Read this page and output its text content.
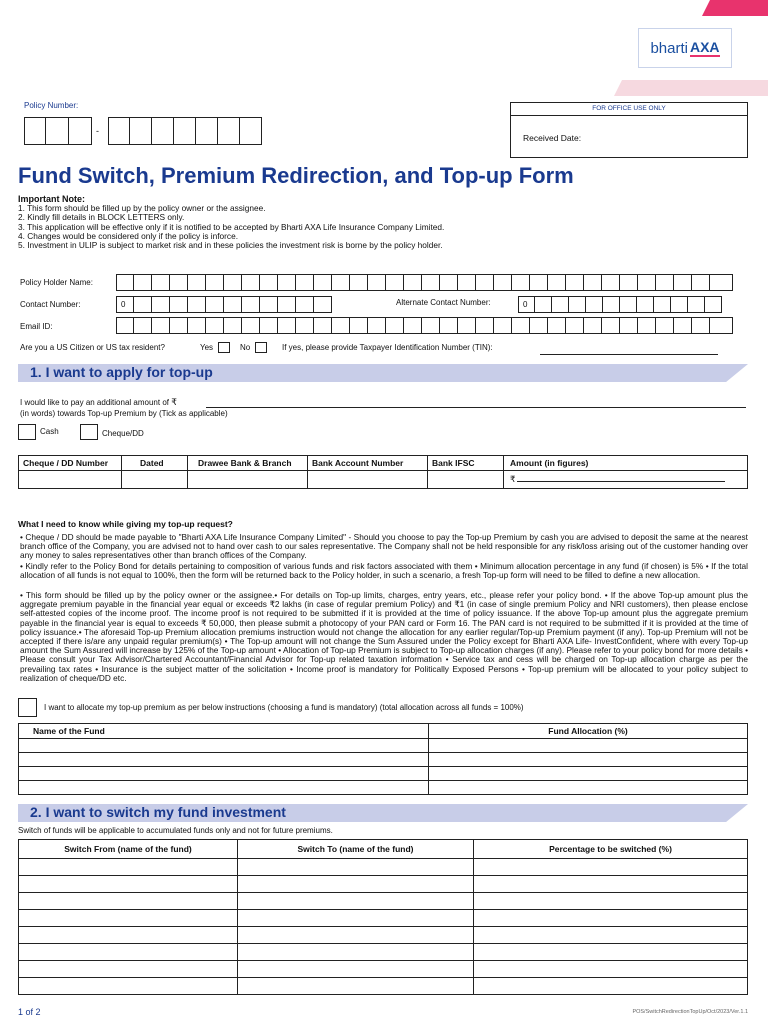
bharti AXA
Policy Number:
-
FOR OFFICE USE ONLY
Received Date:
Fund Switch, Premium Redirection, and Top-up Form

Important Note:

1. This form should be filled up by the policy owner or the assignee.

2. Kindly fill details in BLOCK LETTERS only.

3. This application will be effective only if it is notified to be accepted by Bharti AXA Life Insurance Company Limited.

4. Changes would be considered only if the policy is inforce.

5. Investment in ULIP is subject to market risk and in these policies the investment risk is borne by the policy holder.

Policy Holder Name:
Contact Number:	0	Alternate Contact Number:	0
Email ID:
Are you a US Citizen or US tax resident?	Yes	No	If yes, please provide Taxpayer Identification Number (TIN):
1. I want to apply for top-up
I would like to pay an additional amount of ₹
(in words) towards Top-up Premium by (Tick as applicable)
Cash	Cheque/DD
Cheque / DD Number	Dated	Drawee Bank & Branch	Bank Account Number	Bank IFSC	Amount (in figures)
					₹
What I need to know while giving my top-up request?
• Cheque / DD should be made payable to "Bharti AXA Life Insurance Company Limited" - Should you choose to pay the Top-up Premium by cash you are advised to deposit the same at the nearest branch office of the Company, you are advised not to hand over cash to our sales representative. The Company shall not be held responsible for any risk/loss arising out of the customer handing over any money to sales representatives other than branch offices of the Company.
• Kindly refer to the Policy Bond for details pertaining to composition of various funds and risk factors associated with them • Minimum allocation percentage in any fund (if chosen) is 5% • If the total allocation of all funds is not equal to 100%, then the form will be returned back to the Policy holder, in such a scenario, a fresh Top-up form will need to be filled to define a new allocation.
• This form should be filled up by the policy owner or the assignee.• For details on Top-up limits, charges, entry years, etc., please refer your policy bond. • If the above Top-up amount plus the aggregate premium payable in the financial year equal or exceeds ₹2 lakhs (in case of regular premium Policy) and ₹1 (in case of single premium Policy and NRI customers), then please enclose self-attested copies of the income proof. The income proof is not required to be submitted if it is provided at the time of policy issuance. If the above Top-up amount plus the aggregate premium payable in the financial year is equal to exceeds ₹ 50,000, then please submit a photocopy of your PAN card or Form 16. The PAN card is not required to be submitted if it is provided at the time of policy issuance.• The aforesaid Top-up Premium allocation premiums instruction would not change the allocation for any earlier regular/Top-up Premium payment (if any). Top-up Premium will not be accepted if there is/are any unpaid regular premium(s) • The Top-up amount will not change the Sum Assured under the Policy except for Bharti AXA Life- InvestConfident, where with every Top-up amount the Sum Assured will increase by 125% of the Top-up amount • Allocation of Top-up Premium is subject to Top-up allocation charges (if any). Please refer to your policy bond for more details • Please consult your Tax Advisor/Chartered Accountant/Financial Advisor for Top-up related taxation information • Service tax and cess will be charged on Top-up allocation charge as per the prevailing tax rates • Insurance is the subject matter of the solicitation • Income proof is mandatory for Politically Exposed Persons • Top-up premium will be allocated to your policy subject to realization of cheque/DD etc.
I want to allocate my top-up premium as per below instructions (choosing a fund is mandatory) (total allocation across all funds = 100%)
Name of the Fund	Fund Allocation (%)

2. I want to switch my fund investment
Switch of funds will be applicable to accumulated funds only and not for future premiums.
Switch From (name of the fund)	Switch To (name of the fund)	Percentage to be switched (%)

1 of 2	POS/SwitchRedirectionTopUp/Oct/2023/Ver.1.1
